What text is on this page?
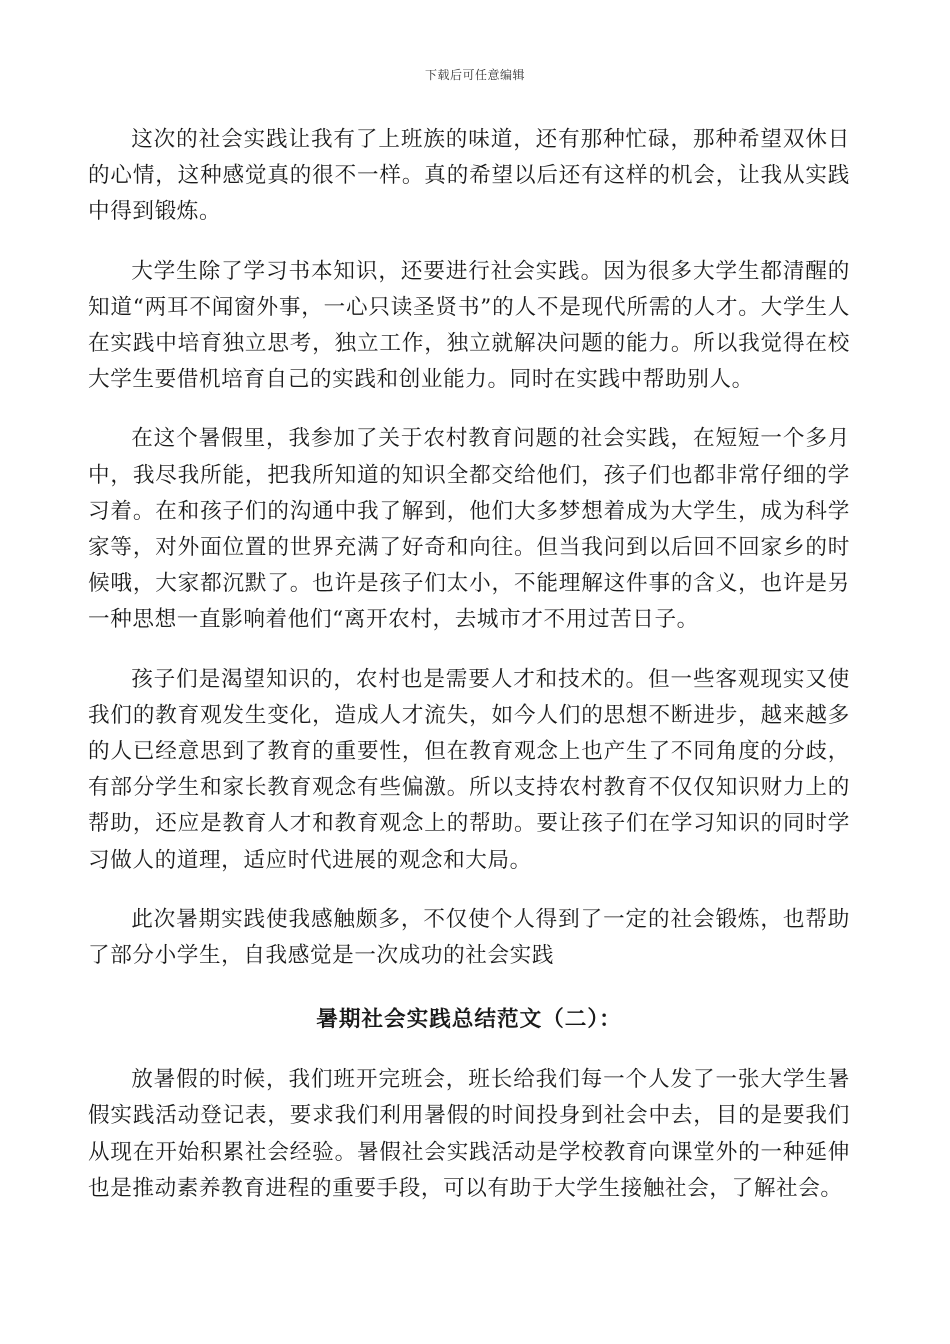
下载后可任意编辑

这次的社会实践让我有了上班族的味道，还有那种忙碌，那种希望双休日的心情，这种感觉真的很不一样。真的希望以后还有这样的机会，让我从实践中得到锻炼。

大学生除了学习书本知识，还要进行社会实践。因为很多大学生都清醒的知道“两耳不闻窗外事，一心只读圣贤书”的人不是现代所需的人才。大学生人在实践中培育独立思考，独立工作，独立就解决问题的能力。所以我觉得在校大学生要借机培育自己的实践和创业能力。同时在实践中帮助别人。

在这个暑假里，我参加了关于农村教育问题的社会实践，在短短一个多月中，我尽我所能，把我所知道的知识全都交给他们，孩子们也都非常仔细的学习着。在和孩子们的沟通中我了解到，他们大多梦想着成为大学生，成为科学家等，对外面位置的世界充满了好奇和向往。但当我问到以后回不回家乡的时候哦，大家都沉默了。也许是孩子们太小，不能理解这件事的含义，也许是另一种思想一直影响着他们“离开农村，去城市才不用过苦日子。

孩子们是渴望知识的，农村也是需要人才和技术的。但一些客观现实又使我们的教育观发生变化，造成人才流失，如今人们的思想不断进步，越来越多的人已经意思到了教育的重要性，但在教育观念上也产生了不同角度的分歧，有部分学生和家长教育观念有些偏激。所以支持农村教育不仅仅知识财力上的帮助，还应是教育人才和教育观念上的帮助。要让孩子们在学习知识的同时学习做人的道理，适应时代进展的观念和大局。

此次暑期实践使我感触颇多，不仅使个人得到了一定的社会锻炼，也帮助了部分小学生，自我感觉是一次成功的社会实践

暑期社会实践总结范文（二）：

放暑假的时候，我们班开完班会，班长给我们每一个人发了一张大学生暑假实践活动登记表，要求我们利用暑假的时间投身到社会中去，目的是要我们从现在开始积累社会经验。暑假社会实践活动是学校教育向课堂外的一种延伸也是推动素养教育进程的重要手段，可以有助于大学生接触社会，了解社会。
